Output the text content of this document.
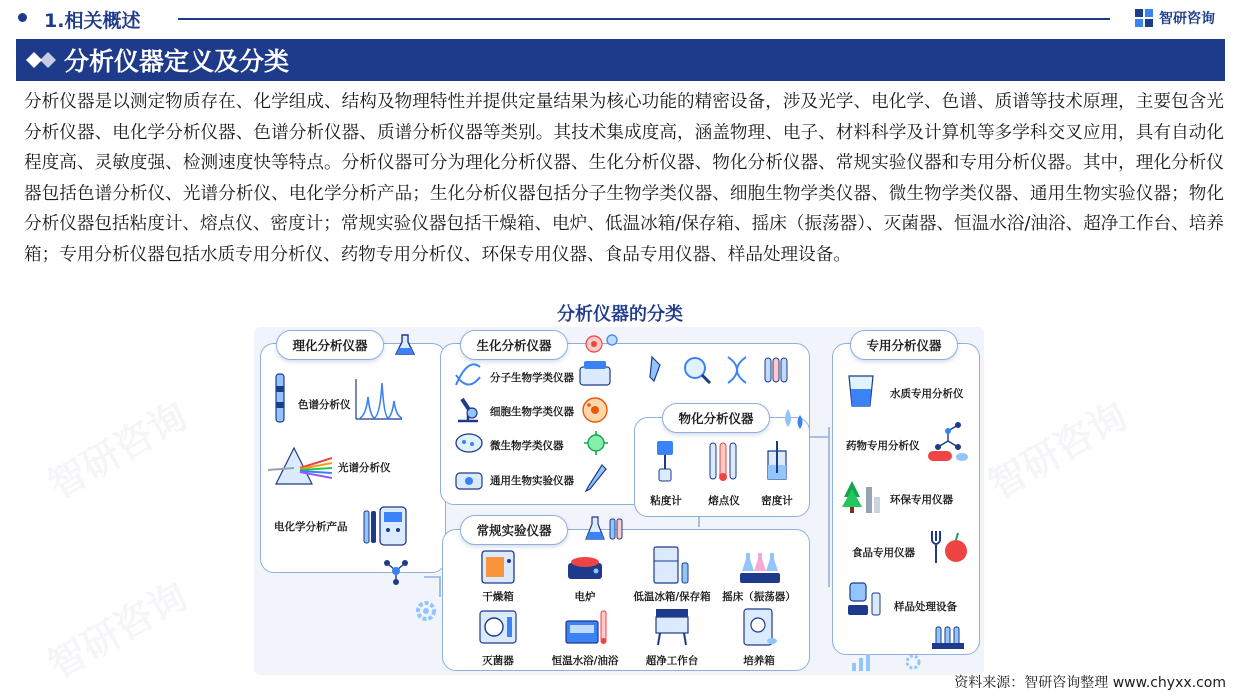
智研咨询	智研咨询
智研咨询
1.相关概述	智研咨询
分析仪器定义及分类
分析仪器是以测定物质存在、化学组成、结构及物理特性并提供定量结果为核心功能的精密设备，涉及光学、电化学、色谱、质谱等技术原理，主要包含光分析仪器、电化学分析仪器、色谱分析仪器、质谱分析仪器等类别。其技术集成度高，涵盖物理、电子、材料科学及计算机等多学科交叉应用，具有自动化程度高、灵敏度强、检测速度快等特点。分析仪器可分为理化分析仪器、生化分析仪器、物化分析仪器、常规实验仪器和专用分析仪器。其中，理化分析仪器包括色谱分析仪、光谱分析仪、电化学分析产品；生化分析仪器包括分子生物学类仪器、细胞生物学类仪器、微生物学类仪器、通用生物实验仪器；物化分析仪器包括粘度计、熔点仪、密度计；常规实验仪器包括干燥箱、电炉、低温冰箱/保存箱、摇床（振荡器）、灭菌器、恒温水浴/油浴、超净工作台、培养箱；专用分析仪器包括水质专用分析仪、药物专用分析仪、环保专用仪器、食品专用仪器、样品处理设备。
分析仪器的分类
理化分析仪器
色谱分析仪
光谱分析仪
电化学分析产品
生化分析仪器
分子生物学类仪器
细胞生物学类仪器
微生物学类仪器
通用生物实验仪器
物化分析仪器
粘度计	熔点仪 密度计
常规实验仪器
干燥箱	电炉	低温冰箱/保存箱 摇床（振荡器）
灭菌器	恒温水浴/油浴	超净工作台	培养箱
专用分析仪器
水质专用分析仪
药物专用分析仪
环保专用仪器
食品专用仪器
样品处理设备
资料来源：智研咨询整理 www.chyxx.com
